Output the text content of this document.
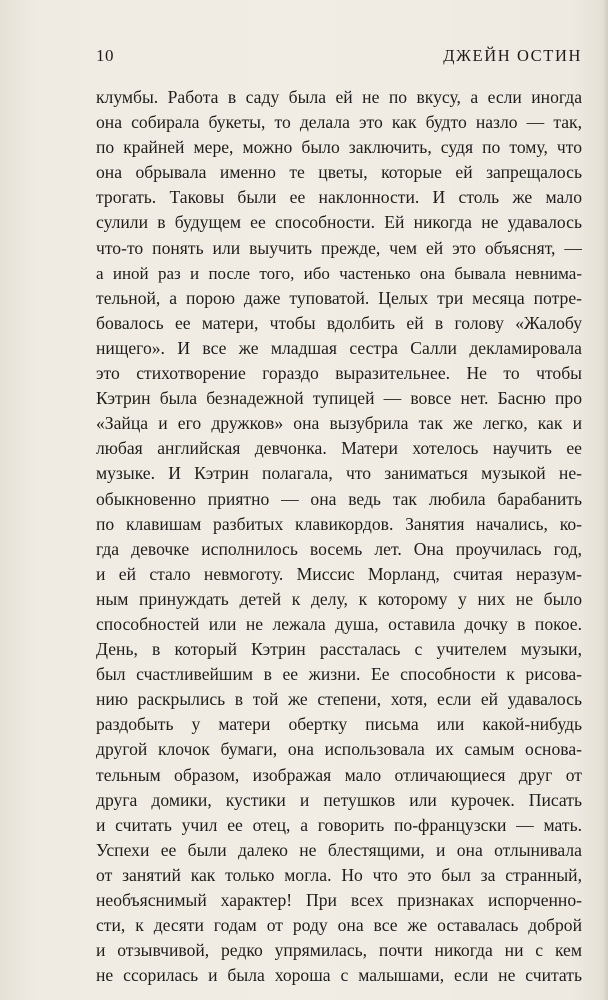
10	ДЖЕЙН ОСТИН
клумбы. Работа в саду была ей не по вкусу, а если иногда
она собирала букеты, то делала это как будто назло — так,
по крайней мере, можно было заключить, судя по тому, что
она обрывала именно те цветы, которые ей запрещалось
трогать. Таковы были ее наклонности. И столь же мало
сулили в будущем ее способности. Ей никогда не удавалось
что-то понять или выучить прежде, чем ей это объяснят, —
а иной раз и после того, ибо частенько она бывала невнима-
тельной, а порою даже туповатой. Целых три месяца потре-
бовалось ее матери, чтобы вдолбить ей в голову «Жалобу
нищего». И все же младшая сестра Салли декламировала
это стихотворение гораздо выразительнее. Не то чтобы
Кэтрин была безнадежной тупицей — вовсе нет. Басню про
«Зайца и его дружков» она вызубрила так же легко, как и
любая английская девчонка. Матери хотелось научить ее
музыке. И Кэтрин полагала, что заниматься музыкой не-
обыкновенно приятно — она ведь так любила барабанить
по клавишам разбитых клавикордов. Занятия начались, ко-
гда девочке исполнилось восемь лет. Она проучилась год,
и ей стало невмоготу. Миссис Морланд, считая неразум-
ным принуждать детей к делу, к которому у них не было
способностей или не лежала душа, оставила дочку в покое.
День, в который Кэтрин рассталась с учителем музыки,
был счастливейшим в ее жизни. Ее способности к рисова-
нию раскрылись в той же степени, хотя, если ей удавалось
раздобыть у матери обертку письма или какой-нибудь
другой клочок бумаги, она использовала их самым основа-
тельным образом, изображая мало отличающиеся друг от
друга домики, кустики и петушков или курочек. Писать
и считать учил ее отец, а говорить по-французски — мать.
Успехи ее были далеко не блестящими, и она отлынивала
от занятий как только могла. Но что это был за странный,
необъяснимый характер! При всех признаках испорченно-
сти, к десяти годам от роду она все же оставалась доброй
и отзывчивой, редко упрямилась, почти никогда ни с кем
не ссорилась и была хороша с малышами, если не считать
